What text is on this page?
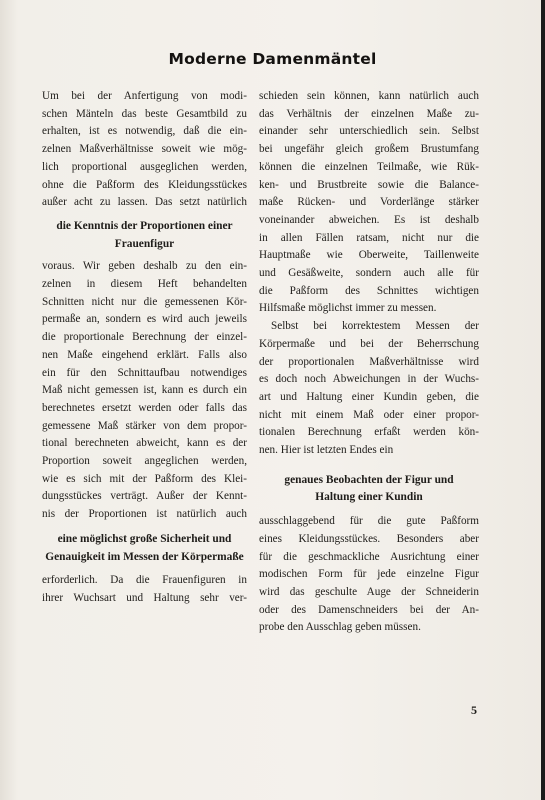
Moderne Damenmäntel

Um bei der Anfertigung von modi-
schen Mänteln das beste Gesamtbild zu
erhalten, ist es notwendig, daß die ein-
zelnen Maßverhältnisse soweit wie mög-
lich proportional ausgeglichen werden,
ohne die Paßform des Kleidungsstückes
außer acht zu lassen. Das setzt natürlich

die Kenntnis der Proportionen einer
Frauenfigur

voraus. Wir geben deshalb zu den ein-
zelnen in diesem Heft behandelten
Schnitten nicht nur die gemessenen Kör-
permaße an, sondern es wird auch jeweils
die proportionale Berechnung der einzel-
nen Maße eingehend erklärt. Falls also
ein für den Schnittaufbau notwendiges
Maß nicht gemessen ist, kann es durch ein
berechnetes ersetzt werden oder falls das
gemessene Maß stärker von dem propor-
tional berechneten abweicht, kann es der
Proportion soweit angeglichen werden,
wie es sich mit der Paßform des Klei-
dungsstückes verträgt. Außer der Kennt-
nis der Proportionen ist natürlich auch

eine möglichst große Sicherheit und
Genauigkeit im Messen der Körpermaße

erforderlich. Da die Frauenfiguren in
ihrer Wuchsart und Haltung sehr ver-

schieden sein können, kann natürlich auch
das Verhältnis der einzelnen Maße zu-
einander sehr unterschiedlich sein. Selbst
bei ungefähr gleich großem Brustumfang
können die einzelnen Teilmaße, wie Rük-
ken- und Brustbreite sowie die Balance-
maße Rücken- und Vorderlänge stärker
voneinander abweichen. Es ist deshalb
in allen Fällen ratsam, nicht nur die
Hauptmaße wie Oberweite, Taillenweite
und Gesäßweite, sondern auch alle für
die Paßform des Schnittes wichtigen
Hilfsmaße möglichst immer zu messen.

Selbst bei korrektestem Messen der
Körpermaße und bei der Beherrschung
der proportionalen Maßverhältnisse wird
es doch noch Abweichungen in der Wuchs-
art und Haltung einer Kundin geben, die
nicht mit einem Maß oder einer propor-
tionalen Berechnung erfaßt werden kön-
nen. Hier ist letzten Endes ein

genaues Beobachten der Figur und
Haltung einer Kundin

ausschlaggebend für die gute Paßform
eines Kleidungsstückes. Besonders aber
für die geschmackliche Ausrichtung einer
modischen Form für jede einzelne Figur
wird das geschulte Auge der Schneiderin
oder des Damenschneiders bei der An-
probe den Ausschlag geben müssen.

5
